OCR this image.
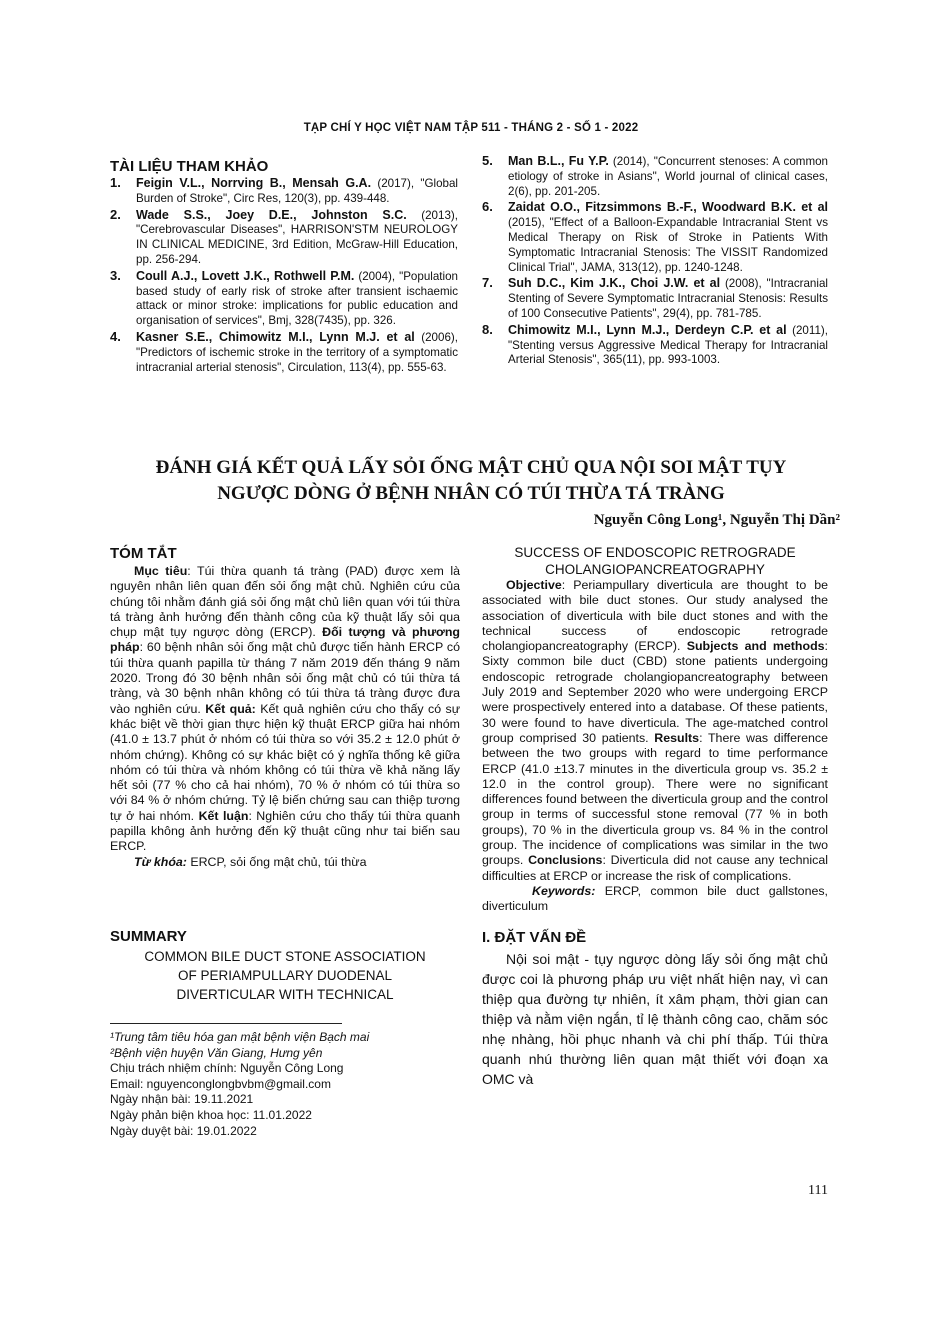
TẠP CHÍ Y HỌC VIỆT NAM TẬP 511 - THÁNG 2 - SỐ 1 - 2022
TÀI LIỆU THAM KHẢO
1. Feigin V.L., Norrving B., Mensah G.A. (2017), "Global Burden of Stroke", Circ Res, 120(3), pp. 439-448.
2. Wade S.S., Joey D.E., Johnston S.C. (2013), "Cerebrovascular Diseases", HARRISON'STM NEUROLOGY IN CLINICAL MEDICINE, 3rd Edition, McGraw-Hill Education, pp. 256-294.
3. Coull A.J., Lovett J.K., Rothwell P.M. (2004), "Population based study of early risk of stroke after transient ischaemic attack or minor stroke: implications for public education and organisation of services", Bmj, 328(7435), pp. 326.
4. Kasner S.E., Chimowitz M.I., Lynn M.J. et al (2006), "Predictors of ischemic stroke in the territory of a symptomatic intracranial arterial stenosis", Circulation, 113(4), pp. 555-63.
5. Man B.L., Fu Y.P. (2014), "Concurrent stenoses: A common etiology of stroke in Asians", World journal of clinical cases, 2(6), pp. 201-205.
6. Zaidat O.O., Fitzsimmons B.-F., Woodward B.K. et al (2015), "Effect of a Balloon-Expandable Intracranial Stent vs Medical Therapy on Risk of Stroke in Patients With Symptomatic Intracranial Stenosis: The VISSIT Randomized Clinical Trial", JAMA, 313(12), pp. 1240-1248.
7. Suh D.C., Kim J.K., Choi J.W. et al (2008), "Intracranial Stenting of Severe Symptomatic Intracranial Stenosis: Results of 100 Consecutive Patients", 29(4), pp. 781-785.
8. Chimowitz M.I., Lynn M.J., Derdeyn C.P. et al (2011), "Stenting versus Aggressive Medical Therapy for Intracranial Arterial Stenosis", 365(11), pp. 993-1003.
ĐÁNH GIÁ KẾT QUẢ LẤY SỎI ỐNG MẬT CHỦ QUA NỘI SOI MẬT TỤY
NGƯỢC DÒNG Ở BỆNH NHÂN CÓ TÚI THỪA TÁ TRÀNG
Nguyễn Công Long¹, Nguyễn Thị Dần²
TÓM TẮT
Mục tiêu: Túi thừa quanh tá tràng (PAD) được xem là nguyên nhân liên quan đến sỏi ống mật chủ. Nghiên cứu của chúng tôi nhằm đánh giá sỏi ống mật chủ liên quan với túi thừa tá tràng ảnh hưởng đến thành công của kỹ thuật lấy sỏi qua chụp mật tụy ngược dòng (ERCP). Đối tượng và phương pháp: 60 bệnh nhân sỏi ống mật chủ được tiến hành ERCP có túi thừa quanh papilla từ tháng 7 năm 2019 đến tháng 9 năm 2020. Trong đó 30 bệnh nhân sỏi ống mật chủ có túi thừa tá tràng, và 30 bệnh nhân không có túi thừa tá tràng được đưa vào nghiên cứu. Kết quả: Kết quả nghiên cứu cho thấy có sự khác biệt về thời gian thực hiện kỹ thuật ERCP giữa hai nhóm (41.0 ± 13.7 phút ở nhóm có túi thừa so với 35.2 ± 12.0 phút ở nhóm chứng). Không có sự khác biệt có ý nghĩa thống kê giữa nhóm có túi thừa và nhóm không có túi thừa về khả năng lấy hết sỏi (77 % cho cả hai nhóm), 70 % ở nhóm có túi thừa so với 84 % ở nhóm chứng. Tỷ lệ biến chứng sau can thiệp tương tự ở hai nhóm. Kết luận: Nghiên cứu cho thấy túi thừa quanh papilla không ảnh hưởng đến kỹ thuật cũng như tai biến sau ERCP.
Từ khóa: ERCP, sỏi ống mật chủ, túi thừa
SUMMARY
COMMON BILE DUCT STONE ASSOCIATION
OF PERIAMPULLARY DUODENAL
DIVERTICULAR WITH TECHNICAL
¹Trung tâm tiêu hóa gan mật bệnh viện Bạch mai
²Bệnh viện huyện Văn Giang, Hưng yên
Chịu trách nhiệm chính: Nguyễn Công Long
Email: nguyenconglongbvbm@gmail.com
Ngày nhận bài: 19.11.2021
Ngày phản biện khoa học: 11.01.2022
Ngày duyệt bài: 19.01.2022
SUCCESS OF ENDOSCOPIC RETROGRADE
CHOLANGIOPANCREATOGRAPHY
Objective: Periampullary diverticula are thought to be associated with bile duct stones. Our study analysed the association of diverticula with bile duct stones and with the technical success of endoscopic retrograde cholangiopancreatography (ERCP). Subjects and methods: Sixty common bile duct (CBD) stone patients undergoing endoscopic retrograde cholangiopancreatography between July 2019 and September 2020 who were undergoing ERCP were prospectively entered into a database. Of these patients, 30 were found to have diverticula. The age-matched control group comprised 30 patients. Results: There was difference between the two groups with regard to time performance ERCP (41.0 ±13.7 minutes in the diverticula group vs. 35.2 ± 12.0 in the control group). There were no significant differences found between the diverticula group and the control group in terms of successful stone removal (77 % in both groups), 70 % in the diverticula group vs. 84 % in the control group. The incidence of complications was similar in the two groups. Conclusions: Diverticula did not cause any technical difficulties at ERCP or increase the risk of complications.
Keywords: ERCP, common bile duct gallstones, diverticulum
I. ĐẶT VẤN ĐỀ
Nội soi mật - tụy ngược dòng lấy sỏi ống mật chủ được coi là phương pháp ưu việt nhất hiện nay, vì can thiệp qua đường tự nhiên, ít xâm phạm, thời gian can thiệp và nằm viện ngắn, tỉ lệ thành công cao, chăm sóc nhẹ nhàng, hồi phục nhanh và chi phí thấp. Túi thừa quanh nhú thường liên quan mật thiết với đoạn xa OMC và
111
